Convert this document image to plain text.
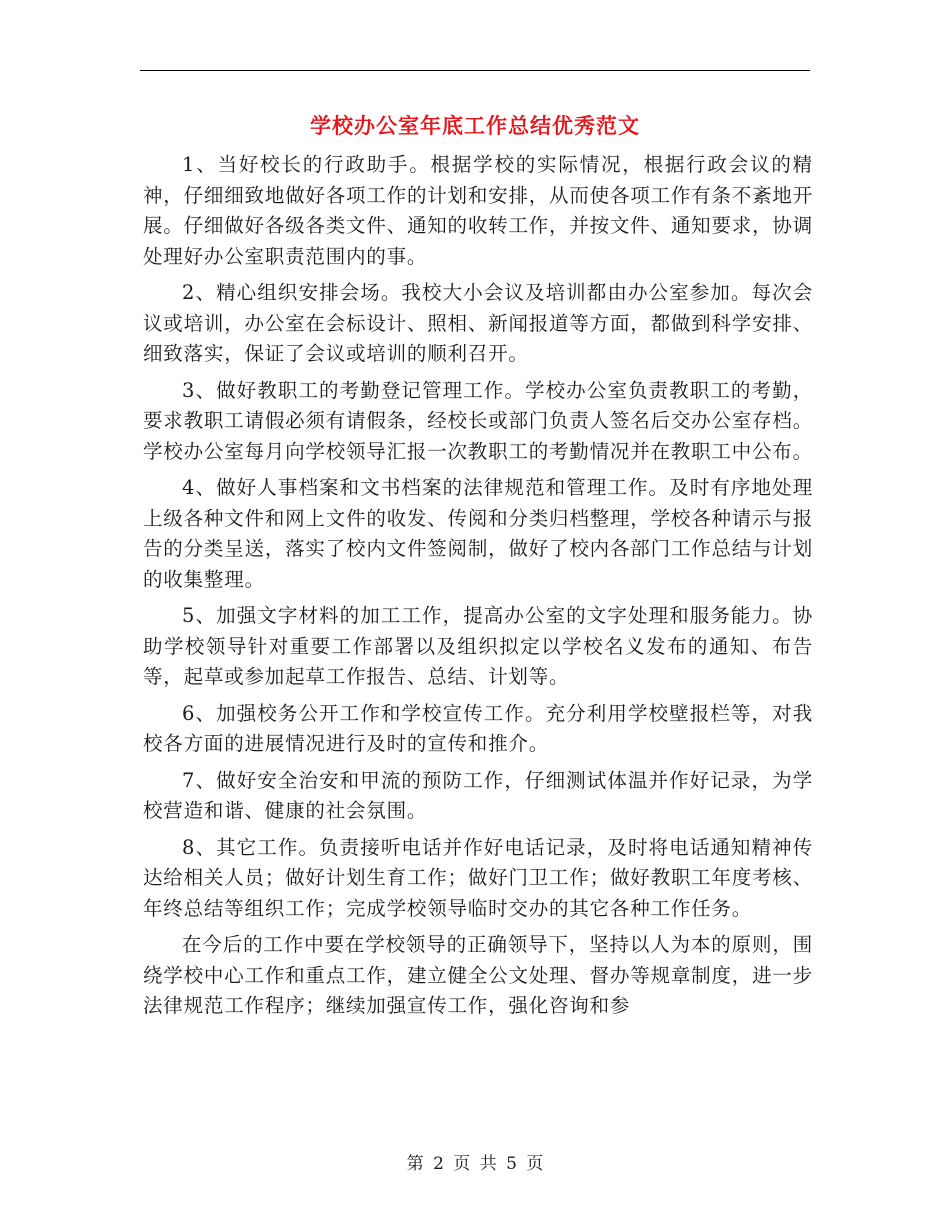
学校办公室年底工作总结优秀范文

1、当好校长的行政助手。根据学校的实际情况，根据行政会议的精神，仔细细致地做好各项工作的计划和安排，从而使各项工作有条不紊地开展。仔细做好各级各类文件、通知的收转工作，并按文件、通知要求，协调处理好办公室职责范围内的事。

2、精心组织安排会场。我校大小会议及培训都由办公室参加。每次会议或培训，办公室在会标设计、照相、新闻报道等方面，都做到科学安排、细致落实，保证了会议或培训的顺利召开。

3、做好教职工的考勤登记管理工作。学校办公室负责教职工的考勤，要求教职工请假必须有请假条，经校长或部门负责人签名后交办公室存档。学校办公室每月向学校领导汇报一次教职工的考勤情况并在教职工中公布。

4、做好人事档案和文书档案的法律规范和管理工作。及时有序地处理上级各种文件和网上文件的收发、传阅和分类归档整理，学校各种请示与报告的分类呈送，落实了校内文件签阅制，做好了校内各部门工作总结与计划的收集整理。

5、加强文字材料的加工工作，提高办公室的文字处理和服务能力。协助学校领导针对重要工作部署以及组织拟定以学校名义发布的通知、布告等，起草或参加起草工作报告、总结、计划等。

6、加强校务公开工作和学校宣传工作。充分利用学校壁报栏等，对我校各方面的进展情况进行及时的宣传和推介。

7、做好安全治安和甲流的预防工作，仔细测试体温并作好记录，为学校营造和谐、健康的社会氛围。

8、其它工作。负责接听电话并作好电话记录，及时将电话通知精神传达给相关人员；做好计划生育工作；做好门卫工作；做好教职工年度考核、年终总结等组织工作；完成学校领导临时交办的其它各种工作任务。

在今后的工作中要在学校领导的正确领导下，坚持以人为本的原则，围绕学校中心工作和重点工作，建立健全公文处理、督办等规章制度，进一步法律规范工作程序；继续加强宣传工作，强化咨询和参

第 2 页 共 5 页
